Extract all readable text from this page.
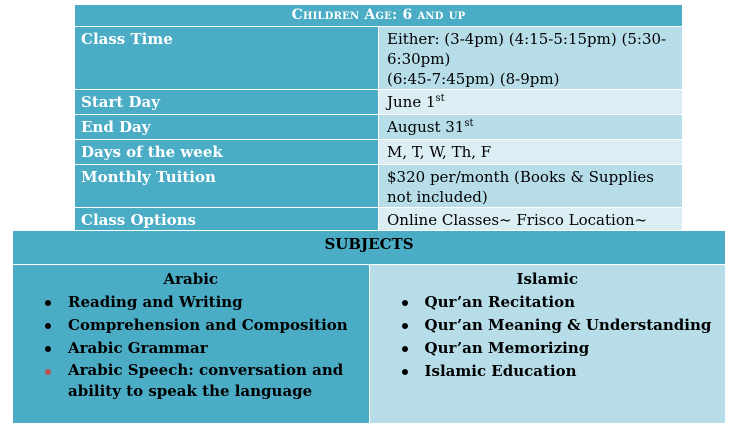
Children Age: 6 and up	
Class Time	Either: (3-4pm) (4:15-5:15pm) (5:30-6:30pm)
(6:45-7:45pm) (8-9pm)

Start Day	June 1st
End Day	August 31st
Days of the week	M, T, W, Th, F
Monthly Tuition	$320 per/month (Books & Supplies not included)
Class Options	Online Classes~ Frisco Location~
SUBJECTS

Arabic
Reading and Writing
Comprehension and Composition
Arabic Grammar
Arabic Speech: conversation and ability to speak the language

Islamic
Qur’an Recitation
Qur’an Meaning & Understanding
Qur’an Memorizing
Islamic Education
